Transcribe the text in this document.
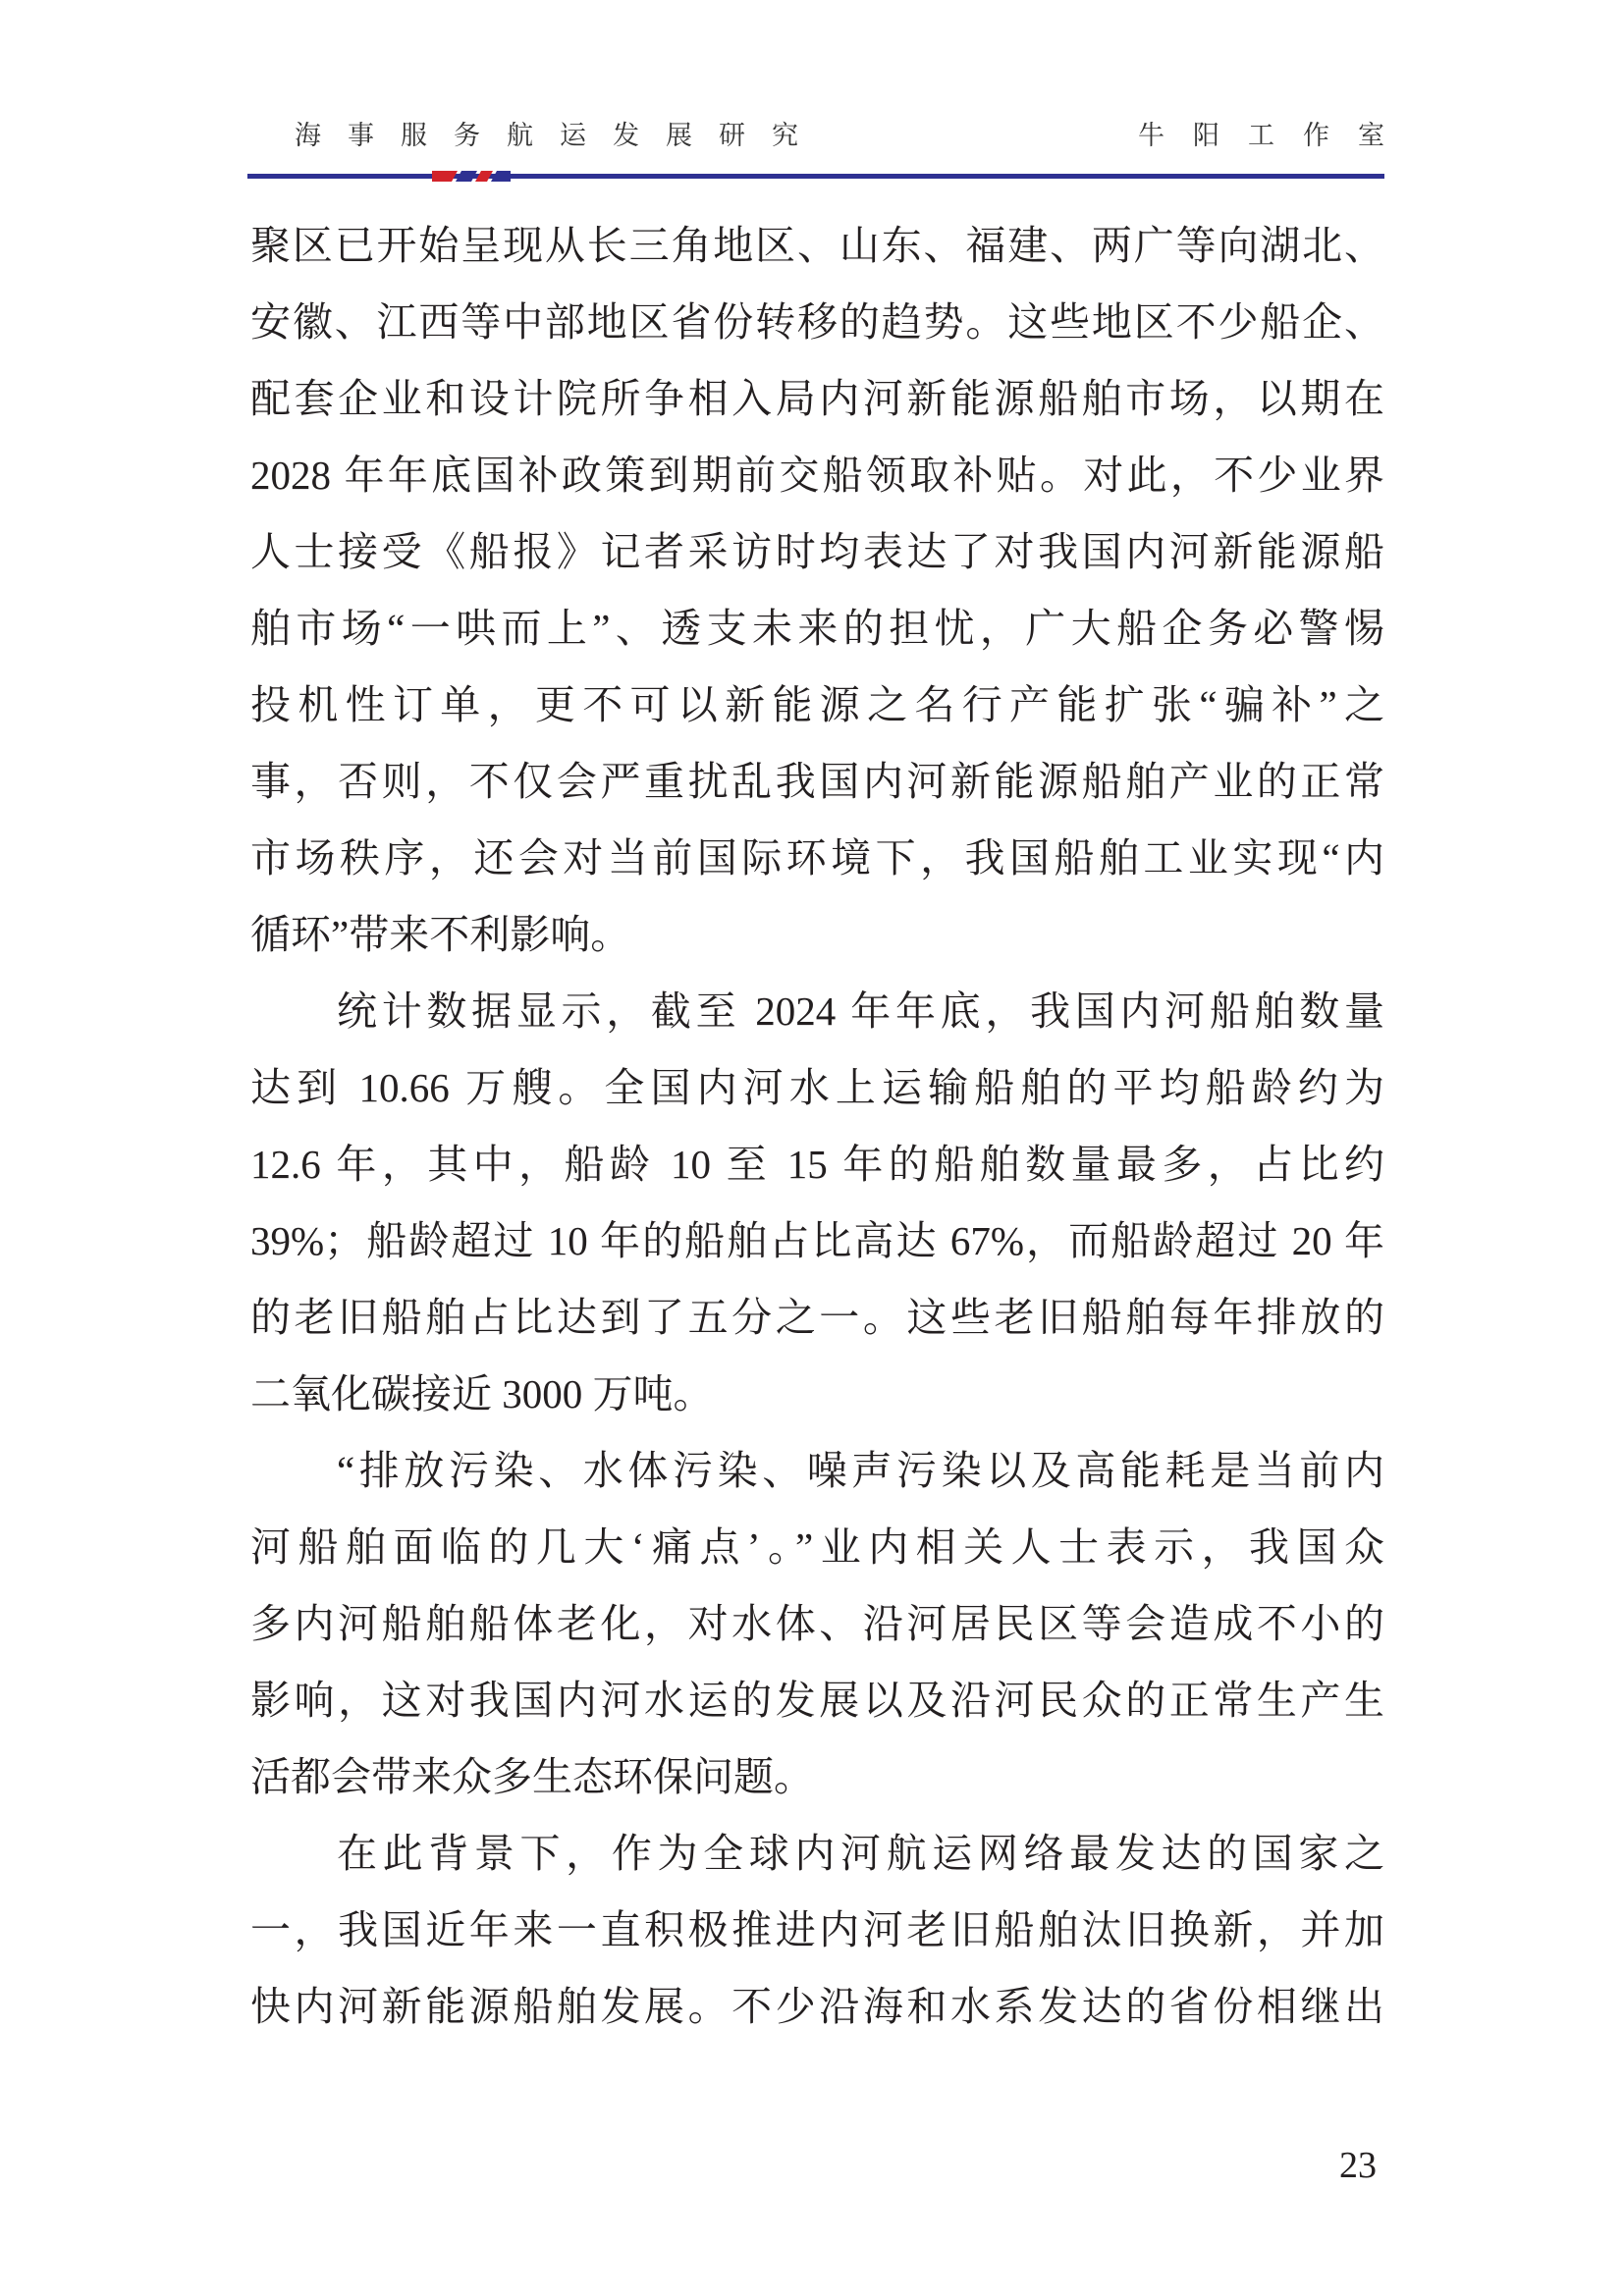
海事服务航运发展研究	牛阳工作室
聚区已开始呈现从长三角地区、山东、福建、两广等向湖北、
安徽、江西等中部地区省份转移的趋势。这些地区不少船企、
配套企业和设计院所争相入局内河新能源船舶市场，以期在
2028 年年底国补政策到期前交船领取补贴。对此，不少业界
人士接受《船报》记者采访时均表达了对我国内河新能源船
舶市场“一哄而上”、透支未来的担忧，广大船企务必警惕
投机性订单，更不可以新能源之名行产能扩张“骗补”之
事，否则，不仅会严重扰乱我国内河新能源船舶产业的正常
市场秩序，还会对当前国际环境下，我国船舶工业实现“内
循环”带来不利影响。
统计数据显示，截至 2024 年年底，我国内河船舶数量
达到 10.66 万艘。全国内河水上运输船舶的平均船龄约为
12.6 年，其中，船龄 10 至 15 年的船舶数量最多，占比约
39%；船龄超过 10 年的船舶占比高达 67%，而船龄超过 20 年
的老旧船舶占比达到了五分之一。这些老旧船舶每年排放的
二氧化碳接近 3000 万吨。
“排放污染、水体污染、噪声污染以及高能耗是当前内
河船舶面临的几大‘痛点’。”业内相关人士表示，我国众
多内河船舶船体老化，对水体、沿河居民区等会造成不小的
影响，这对我国内河水运的发展以及沿河民众的正常生产生
活都会带来众多生态环保问题。
在此背景下，作为全球内河航运网络最发达的国家之
一，我国近年来一直积极推进内河老旧船舶汰旧换新，并加
快内河新能源船舶发展。不少沿海和水系发达的省份相继出
23
